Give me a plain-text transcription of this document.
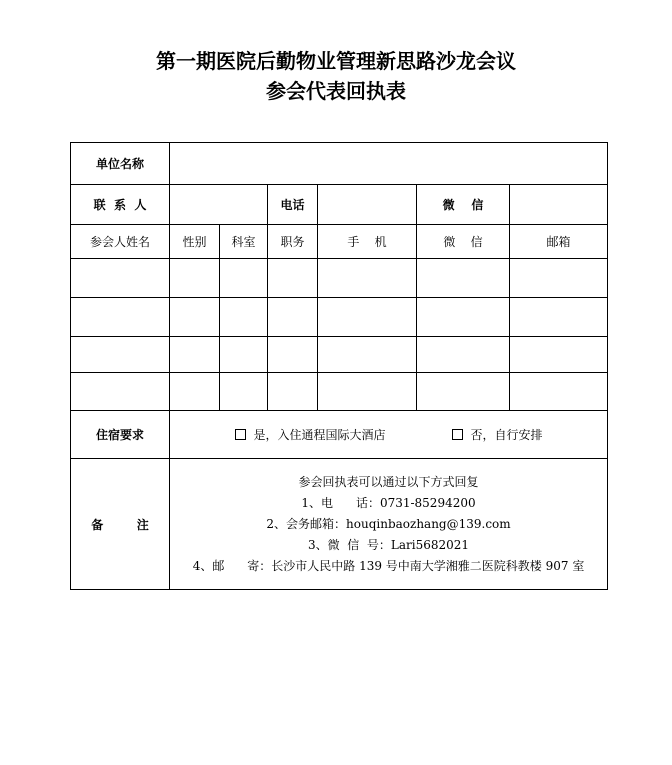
第一期医院后勤物业管理新思路沙龙会议
参会代表回执表
单位名称						
联  系  人			电话		微    信	
参会人姓名	性别	科室	职务	手    机	微    信	邮箱

住宿要求	是，入住通程国际大酒店 否，自行安排					
备        注	参会回执表可以通过以下方式回复
1、电      话：0731-85294200
2、会务邮箱：houqinbaozhang@139.com
3、微  信  号：Lari5682021
4、邮      寄：长沙市人民中路 139 号中南大学湘雅二医院科教楼 907 室					
